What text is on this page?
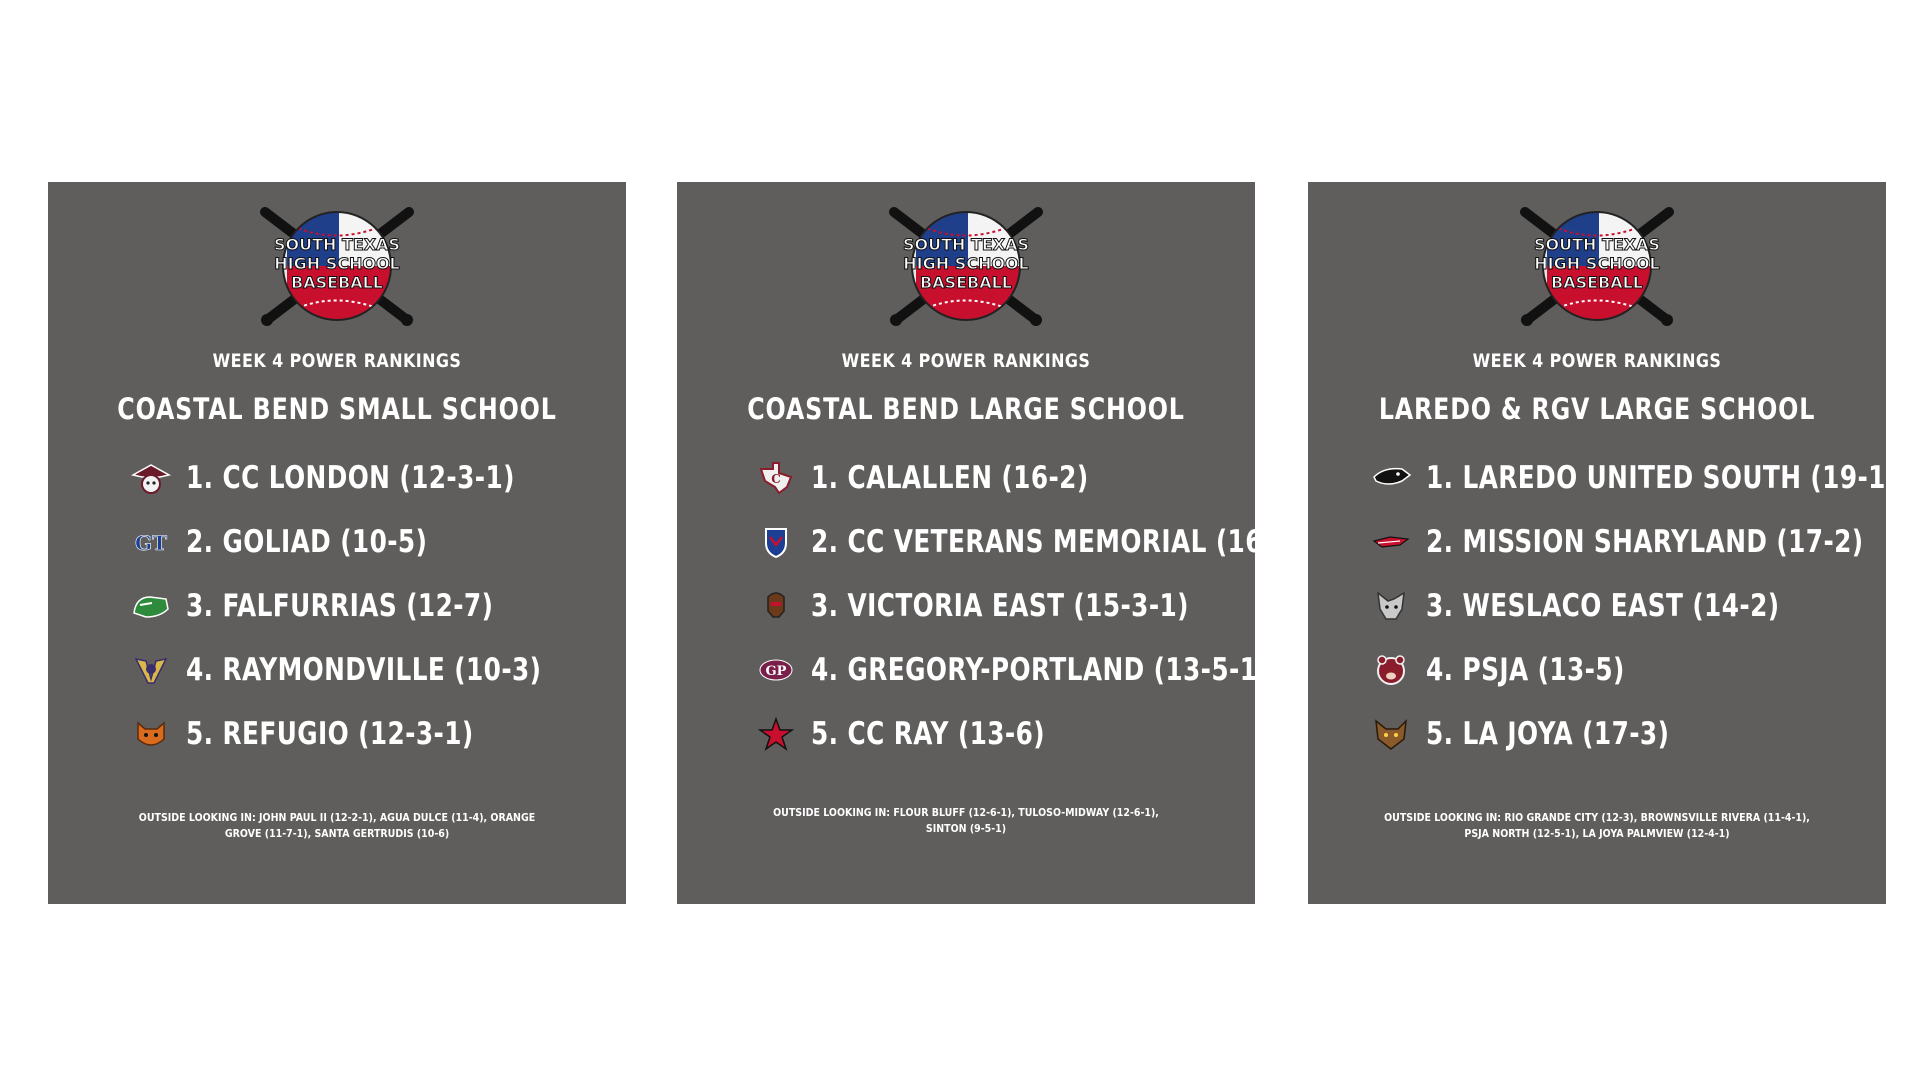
SOUTH TEXAS
HIGH SCHOOL
BASEBALL
WEEK 4 POWER RANKINGS
COASTAL BEND SMALL SCHOOL
1. CC LONDON (12-3-1)
GT 2. GOLIAD (10-5)
3. FALFURRIAS (12-7)
4. RAYMONDVILLE (10-3)
5. REFUGIO (12-3-1)
OUTSIDE LOOKING IN: JOHN PAUL II (12-2-1), AGUA DULCE (11-4), ORANGE GROVE (11-7-1), SANTA GERTRUDIS (10-6)
SOUTH TEXAS
HIGH SCHOOL
BASEBALL
WEEK 4 POWER RANKINGS
COASTAL BEND LARGE SCHOOL
C 1. CALALLEN (16-2)
2. CC VETERANS MEMORIAL (16-3)
3. VICTORIA EAST (15-3-1)
GP 4. GREGORY-PORTLAND (13-5-1)
5. CC RAY (13-6)
OUTSIDE LOOKING IN: FLOUR BLUFF (12-6-1), TULOSO-MIDWAY (12-6-1), SINTON (9-5-1)
SOUTH TEXAS
HIGH SCHOOL
BASEBALL
WEEK 4 POWER RANKINGS
LAREDO & RGV LARGE SCHOOL
1. LAREDO UNITED SOUTH (19-1)
2. MISSION SHARYLAND (17-2)
3. WESLACO EAST (14-2)
4. PSJA (13-5)
5. LA JOYA (17-3)
OUTSIDE LOOKING IN: RIO GRANDE CITY (12-3), BROWNSVILLE RIVERA (11-4-1), PSJA NORTH (12-5-1), LA JOYA PALMVIEW (12-4-1)
